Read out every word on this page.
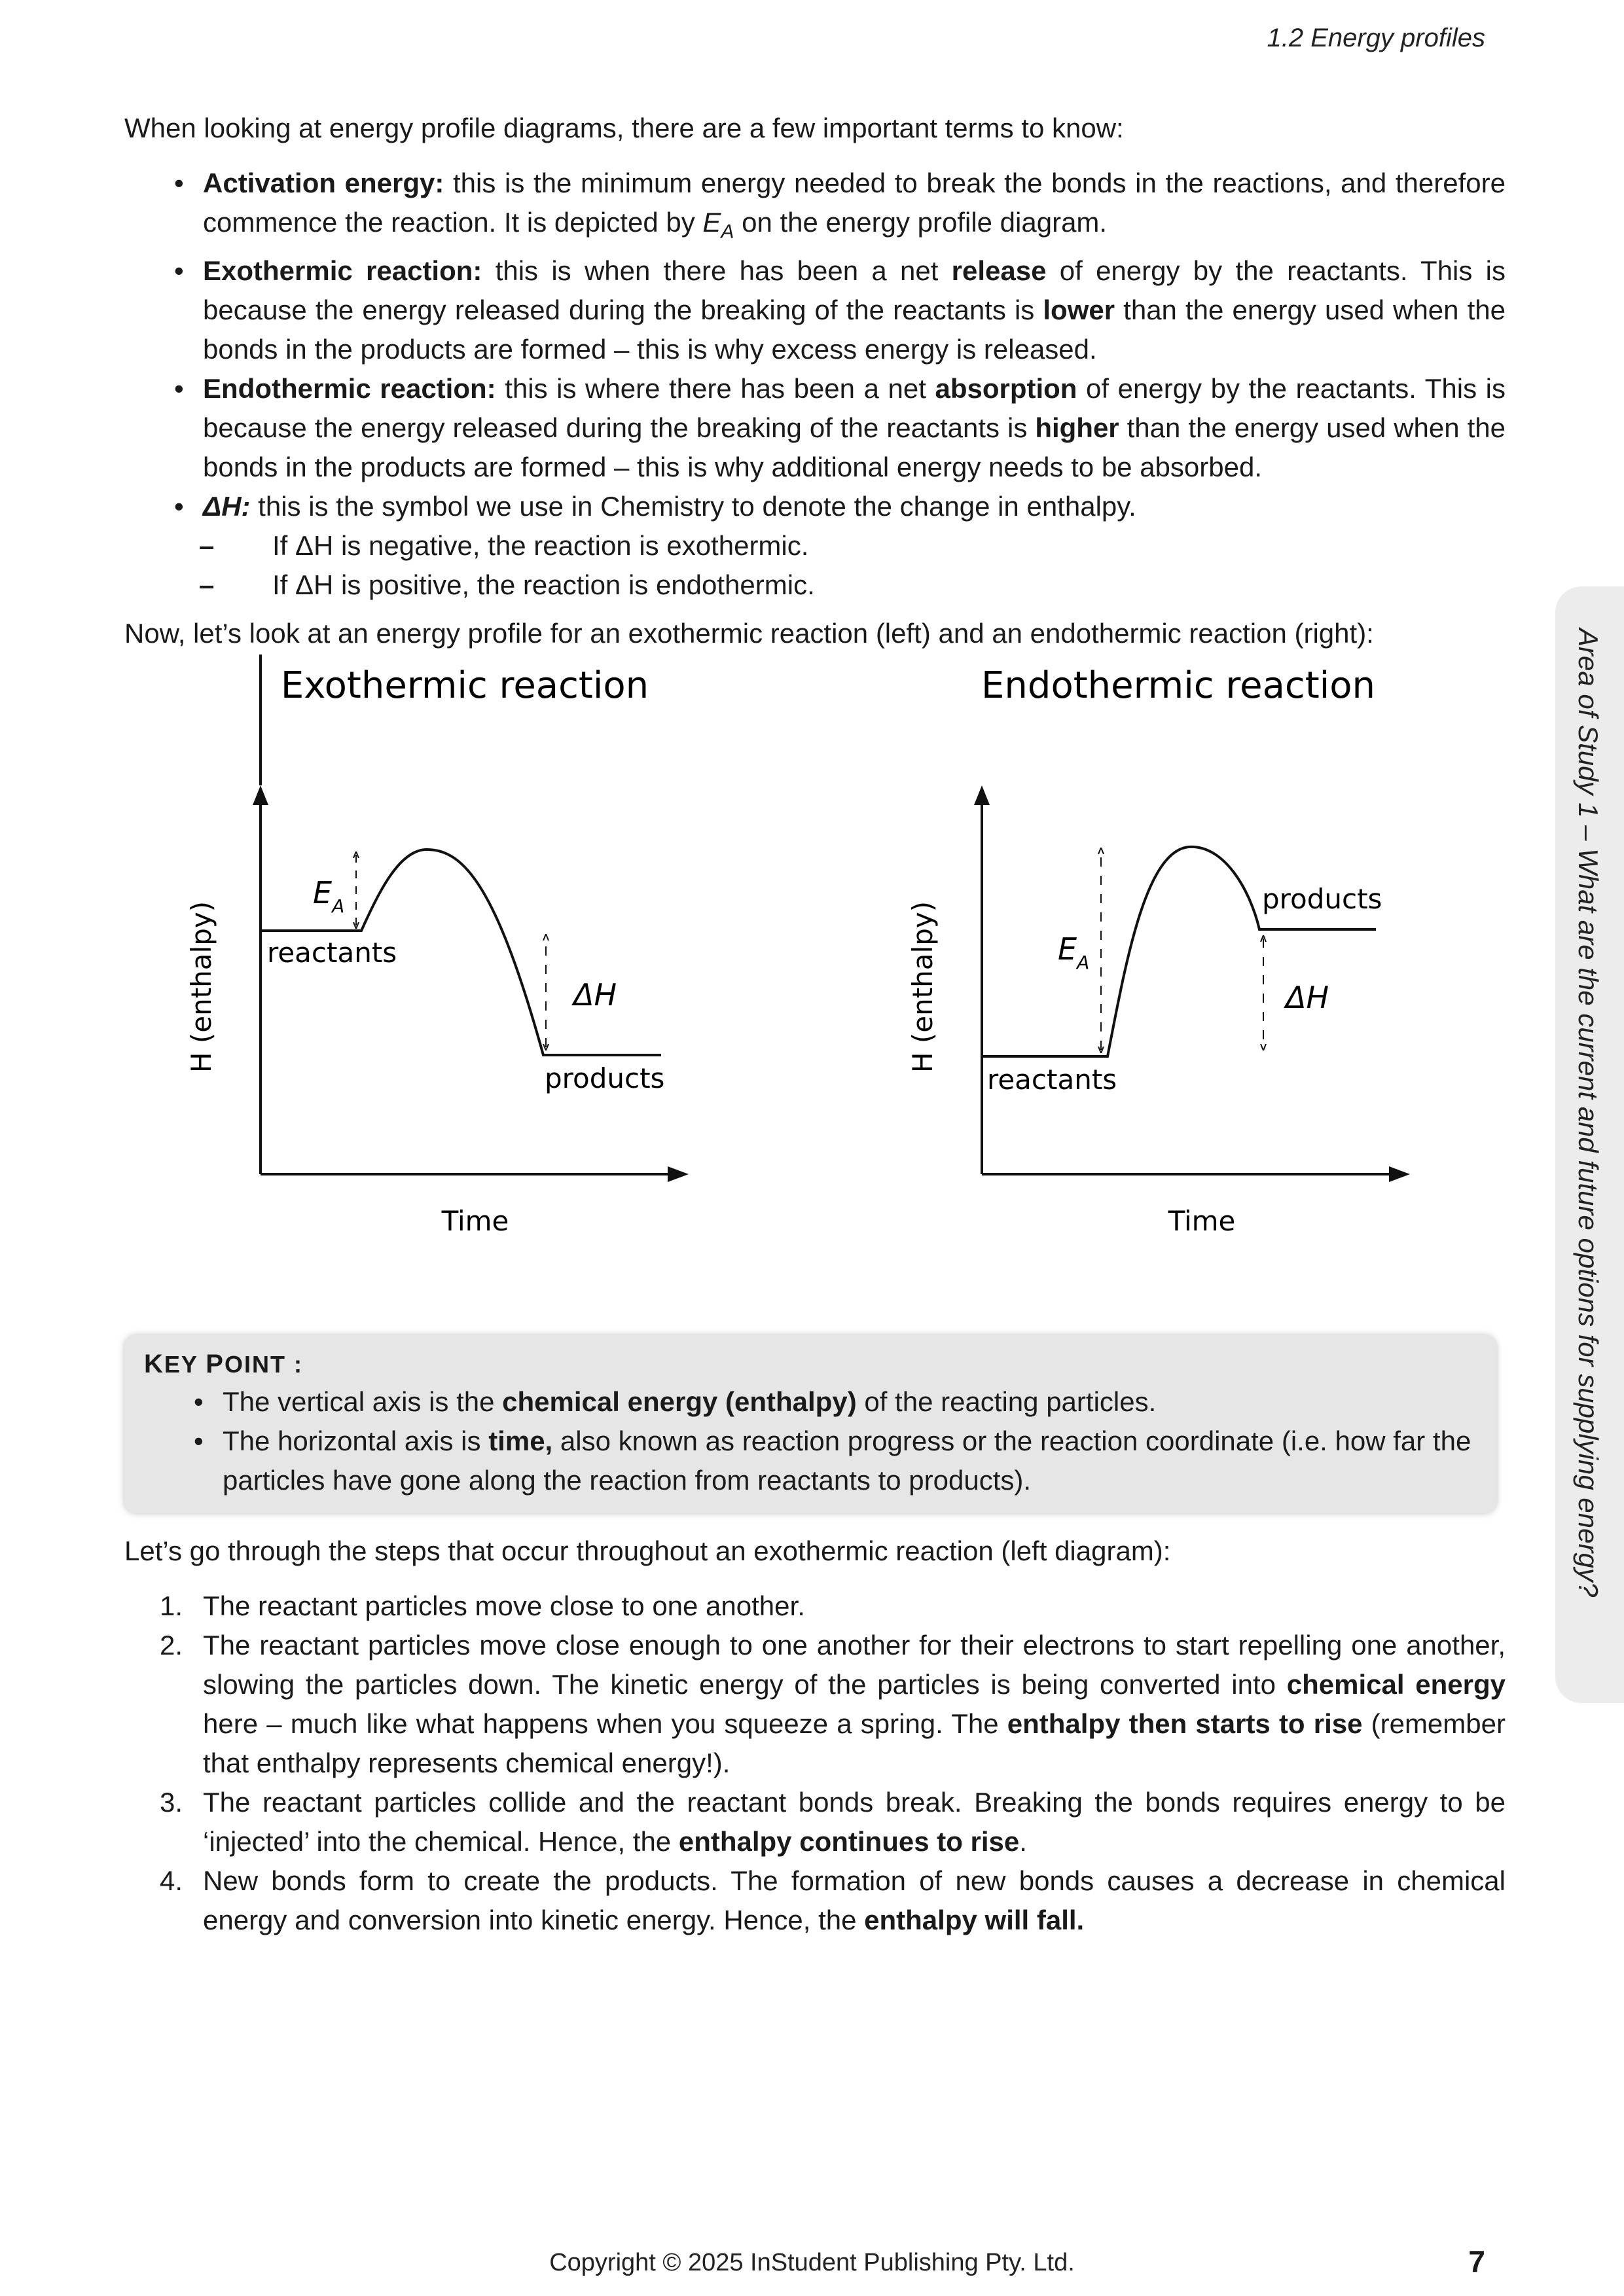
1.2 Energy profiles
When looking at energy profile diagrams, there are a few important terms to know:
• Activation energy: this is the minimum energy needed to break the bonds in the reactions, and therefore commence the reaction. It is depicted by $E_A$ on the energy profile diagram.
• Exothermic reaction: this is when there has been a net release of energy by the reactants. This is because the energy released during the breaking of the reactants is lower than the energy used when the bonds in the products are formed – this is why excess energy is released.
• Endothermic reaction: this is where there has been a net absorption of energy by the reactants. This is because the energy released during the breaking of the reactants is higher than the energy used when the bonds in the products are formed – this is why additional energy needs to be absorbed.
• ΔH: this is the symbol we use in Chemistry to denote the change in enthalpy.
– If ΔH is negative, the reaction is exothermic.
– If ΔH is positive, the reaction is endothermic.
Now, let’s look at an energy profile for an exothermic reaction (left) and an endothermic reaction (right):
Exothermic reaction
H (enthalpy)
Time
reactants
products
$E_A$
ΔH
Endothermic reaction
H (enthalpy)
Time
reactants
products
$E_A$
ΔH
KEY POINT :
• The vertical axis is the chemical energy (enthalpy) of the reacting particles.
• The horizontal axis is time, also known as reaction progress or the reaction coordinate (i.e. how far the particles have gone along the reaction from reactants to products).
Let’s go through the steps that occur throughout an exothermic reaction (left diagram):
1. The reactant particles move close to one another.
2. The reactant particles move close enough to one another for their electrons to start repelling one another, slowing the particles down. The kinetic energy of the particles is being converted into chemical energy here – much like what happens when you squeeze a spring. The enthalpy then starts to rise (remember that enthalpy represents chemical energy!).
3. The reactant particles collide and the reactant bonds break. Breaking the bonds requires energy to be ‘injected’ into the chemical. Hence, the enthalpy continues to rise.
4. New bonds form to create the products. The formation of new bonds causes a decrease in chemical energy and conversion into kinetic energy. Hence, the enthalpy will fall.
Area of Study 1 – What are the current and future options for supplying energy?
Copyright © 2025 InStudent Publishing Pty. Ltd.	7
